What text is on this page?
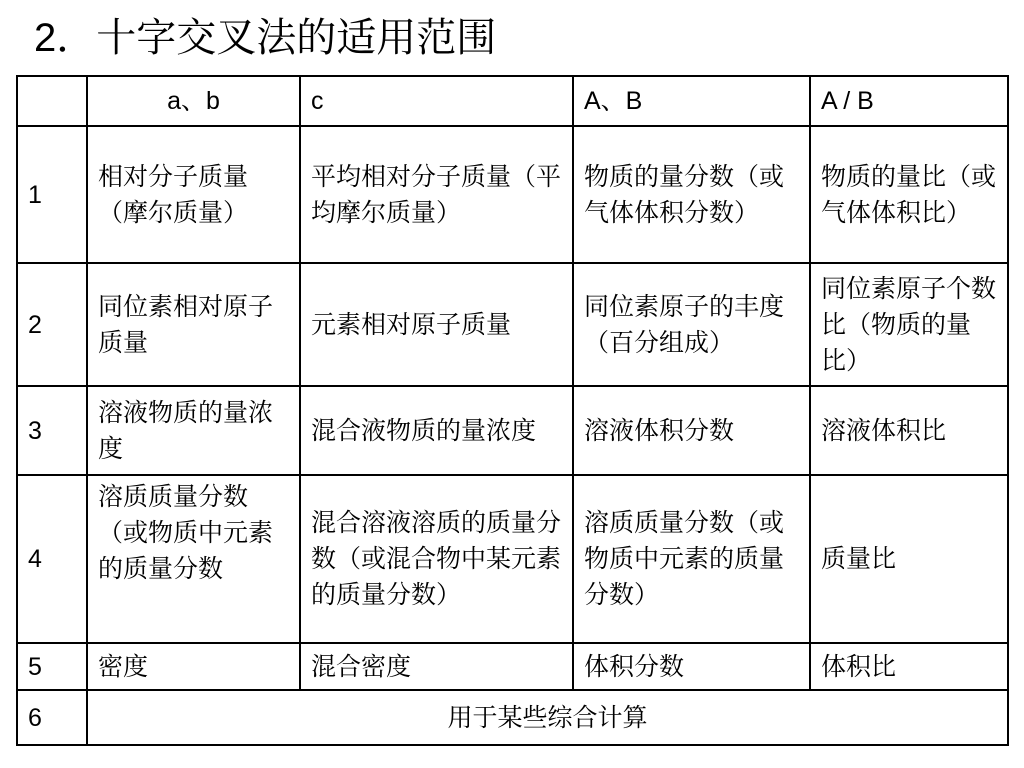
2．十字交叉法的适用范围
	a、b	c	A、B	A / B
1	相对分子质量（摩尔质量）	平均相对分子质量（平均摩尔质量）	物质的量分数（或气体体积分数）	物质的量比（或气体体积比）
2	同位素相对原子质量	元素相对原子质量	同位素原子的丰度（百分组成）	同位素原子个数比（物质的量比）
3	溶液物质的量浓度	混合液物质的量浓度	溶液体积分数	溶液体积比
4	溶质质量分数（或物质中元素的质量分数	混合溶液溶质的质量分数（或混合物中某元素的质量分数）	溶质质量分数（或物质中元素的质量分数）	质量比
5	密度	混合密度	体积分数	体积比
6	用于某些综合计算			
